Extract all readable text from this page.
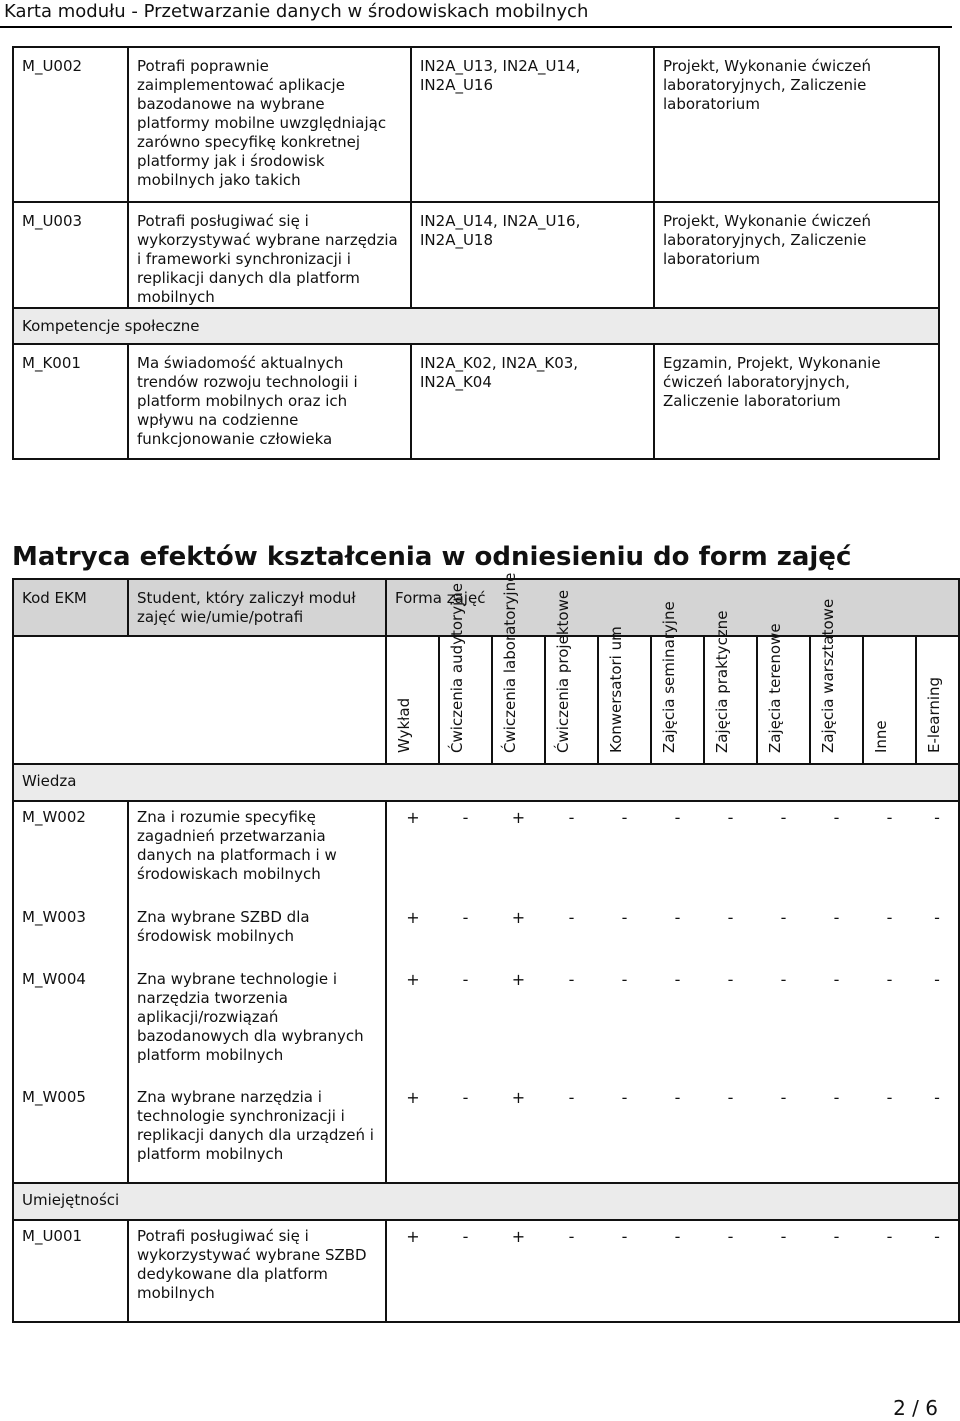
Karta modułu - Przetwarzanie danych w środowiskach mobilnych
M_U002	Potrafi poprawnie zaimplementować aplikacje bazodanowe na wybrane platformy mobilne uwzględniając zarówno specyfikę konkretnej platformy jak i środowisk mobilnych jako takich	IN2A_U13, IN2A_U14, IN2A_U16	Projekt, Wykonanie ćwiczeń laboratoryjnych, Zaliczenie laboratorium
M_U003	Potrafi posługiwać się i wykorzystywać wybrane narzędzia i frameworki synchronizacji i replikacji danych dla platform mobilnych	IN2A_U14, IN2A_U16, IN2A_U18	Projekt, Wykonanie ćwiczeń laboratoryjnych, Zaliczenie laboratorium
Kompetencje społeczne			
M_K001	Ma świadomość aktualnych trendów rozwoju technologii i platform mobilnych oraz ich wpływu na codzienne funkcjonowanie człowieka	IN2A_K02, IN2A_K03, IN2A_K04	Egzamin, Projekt, Wykonanie ćwiczeń laboratoryjnych, Zaliczenie laboratorium
Matryca efektów kształcenia w odniesieniu do form zajęć
Kod EKM	Student, który zaliczył moduł zajęć wie/umie/potrafi	Forma zajęć										

		Wykład	Ćwiczenia audytoryjne	Ćwiczenia laboratoryjne	Ćwiczenia projektowe	Konwersatori um	Zajęcia seminaryjne	Zajęcia praktyczne	Zajęcia terenowe	Zajęcia warsztatowe	Inne	E-learning

Wiedza												
M_W002	Zna i rozumie specyfikę zagadnień przetwarzania danych na platformach i w środowiskach mobilnych	+	-	+	-	-	-	-	-	-	-	-
M_W003	Zna wybrane SZBD dla środowisk mobilnych	+	-	+	-	-	-	-	-	-	-	-
M_W004	Zna wybrane technologie i narzędzia tworzenia aplikacji/rozwiązań bazodanowych dla wybranych platform mobilnych	+	-	+	-	-	-	-	-	-	-	-
M_W005	Zna wybrane narzędzia i technologie synchronizacji i replikacji danych dla urządzeń i platform mobilnych	+	-	+	-	-	-	-	-	-	-	-
Umiejętności												
M_U001	Potrafi posługiwać się i wykorzystywać wybrane SZBD dedykowane dla platform mobilnych	+	-	+	-	-	-	-	-	-	-	-
2 / 6
